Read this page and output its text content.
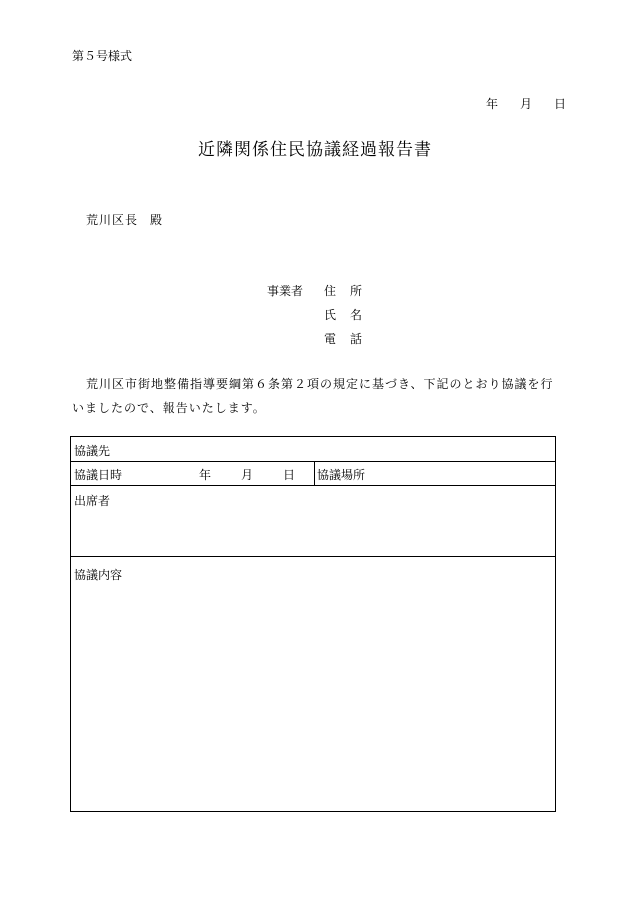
第５号様式
年 月 日
近隣関係住民協議経過報告書
荒川区長 殿
事業者 住所
氏名
電話
荒川区市街地整備指導要綱第６条第２項の規定に基づき、下記のとおり協議を行いましたので、報告いたします。
協議先
協議日時	年	月	日 協議場所
出席者
協議内容
